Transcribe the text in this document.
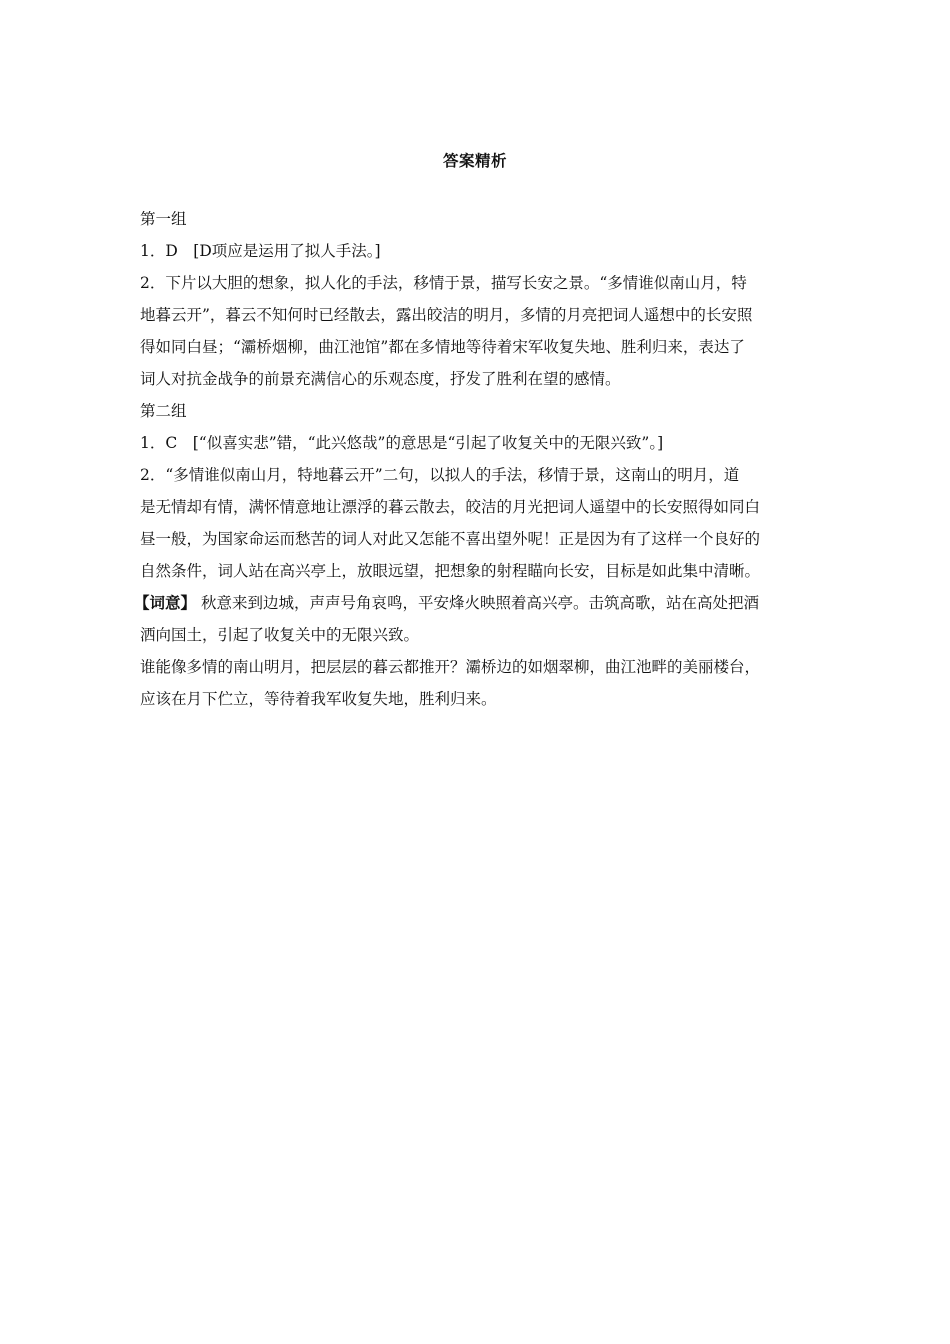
答案精析
第一组
1．D　[D项应是运用了拟人手法。]
2．下片以大胆的想象，拟人化的手法，移情于景，描写长安之景。“多情谁似南山月，特
地暮云开”，暮云不知何时已经散去，露出皎洁的明月，多情的月亮把词人遥想中的长安照
得如同白昼；“灞桥烟柳，曲江池馆”都在多情地等待着宋军收复失地、胜利归来，表达了
词人对抗金战争的前景充满信心的乐观态度，抒发了胜利在望的感情。
第二组
1．C　[“似喜实悲”错，“此兴悠哉”的意思是“引起了收复关中的无限兴致”。]
2．“多情谁似南山月，特地暮云开”二句，以拟人的手法，移情于景，这南山的明月，道
是无情却有情，满怀情意地让漂浮的暮云散去，皎洁的月光把词人遥望中的长安照得如同白
昼一般，为国家命运而愁苦的词人对此又怎能不喜出望外呢！正是因为有了这样一个良好的
自然条件，词人站在高兴亭上，放眼远望，把想象的射程瞄向长安，目标是如此集中清晰。
【词意】 秋意来到边城，声声号角哀鸣，平安烽火映照着高兴亭。击筑高歌，站在高处把酒
洒向国土，引起了收复关中的无限兴致。
谁能像多情的南山明月，把层层的暮云都推开？灞桥边的如烟翠柳，曲江池畔的美丽楼台，
应该在月下伫立，等待着我军收复失地，胜利归来。
